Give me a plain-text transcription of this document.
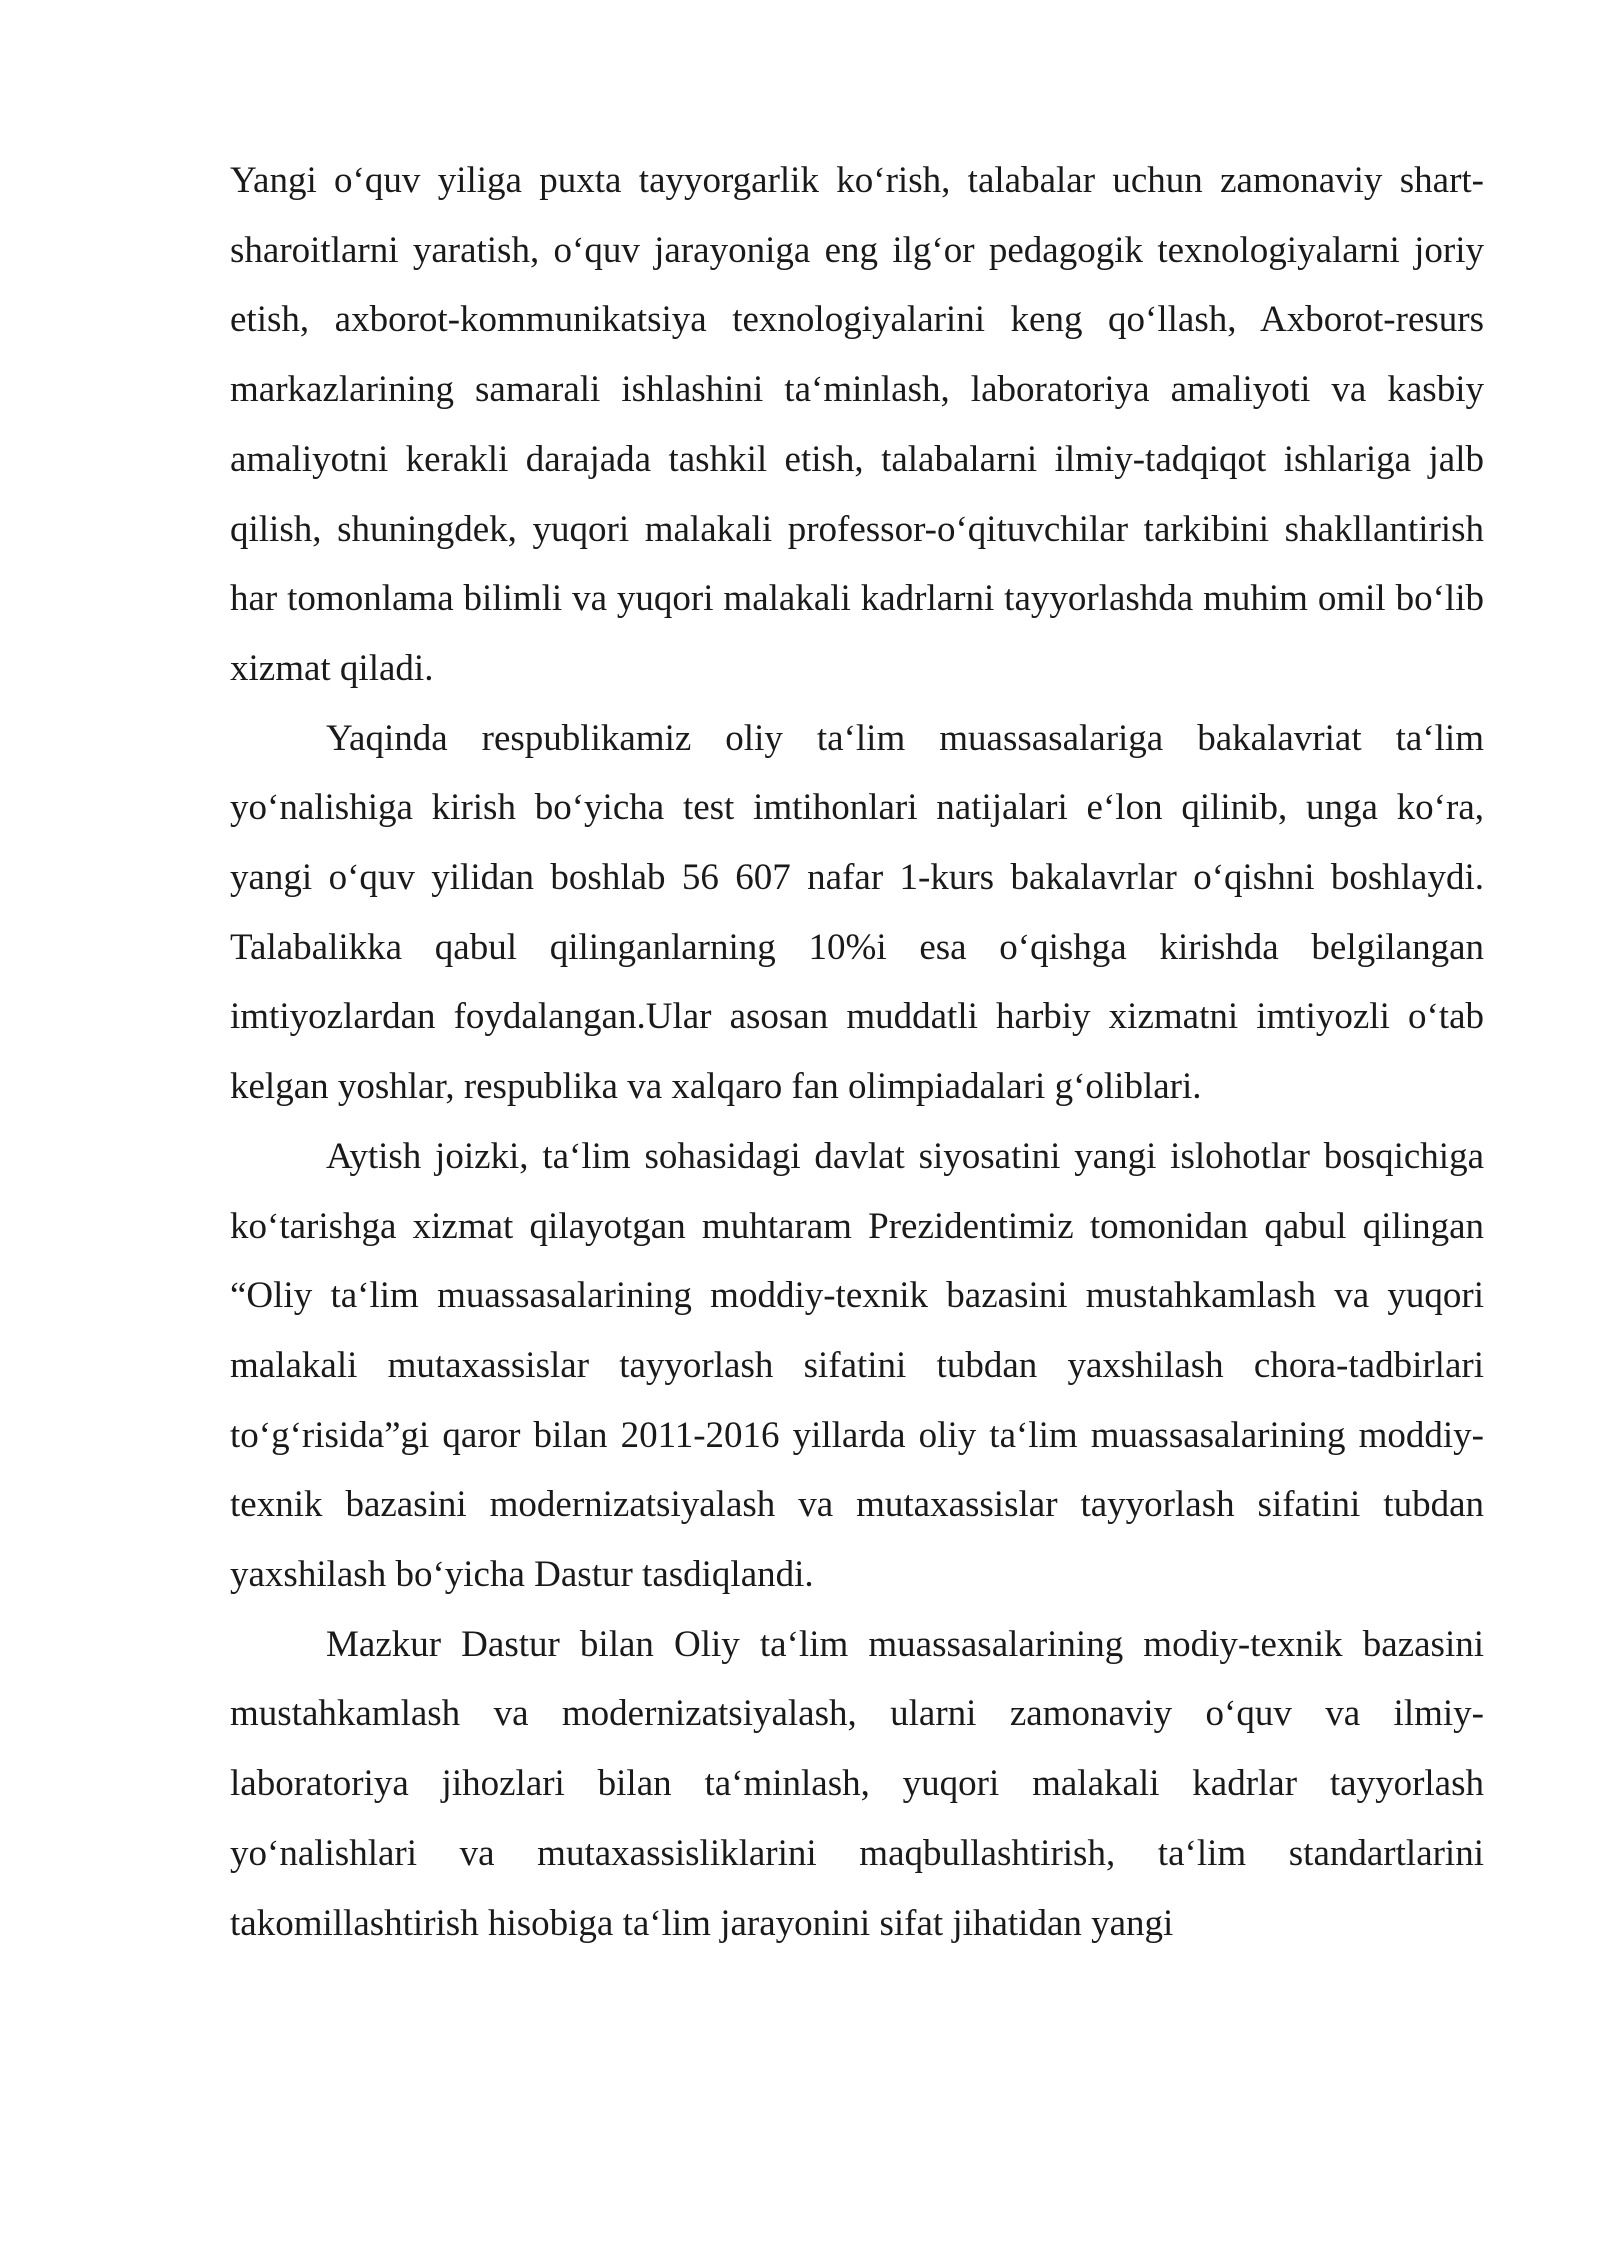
Yangi o‘quv yiliga puxta tayyorgarlik ko‘rish, talabalar uchun zamonaviy shart-sharoitlarni yaratish, o‘quv jarayoniga eng ilg‘or pedagogik texnologiyalarni joriy etish, axborot-kommunikatsiya texnologiyalarini keng qo‘llash, Axborot-resurs markazlarining samarali ishlashini ta‘minlash, laboratoriya amaliyoti va kasbiy amaliyotni kerakli darajada tashkil etish, talabalarni ilmiy-tadqiqot ishlariga jalb qilish, shuningdek, yuqori malakali professor-o‘qituvchilar tarkibini shakllantirish har tomonlama bilimli va yuqori malakali kadrlarni tayyorlashda muhim omil bo‘lib xizmat qiladi.

Yaqinda respublikamiz oliy ta‘lim muassasalariga bakalavriat ta‘lim yo‘nalishiga kirish bo‘yicha test imtihonlari natijalari e‘lon qilinib, unga ko‘ra, yangi o‘quv yilidan boshlab 56 607 nafar 1-kurs bakalavrlar o‘qishni boshlaydi. Talabalikka qabul qilinganlarning 10%i esa o‘qishga kirishda belgilangan imtiyozlardan foydalangan.Ular asosan muddatli harbiy xizmatni imtiyozli o‘tab kelgan yoshlar, respublika va xalqaro fan olimpiadalari g‘oliblari.

Aytish joizki, ta‘lim sohasidagi davlat siyosatini yangi islohotlar bosqichiga ko‘tarishga xizmat qilayotgan muhtaram Prezidentimiz tomonidan qabul qilingan “Oliy ta‘lim muassasalarining moddiy-texnik bazasini mustahkamlash va yuqori malakali mutaxassislar tayyorlash sifatini tubdan yaxshilash chora-tadbirlari to‘g‘risida”gi qaror bilan 2011-2016 yillarda oliy ta‘lim muassasalarining moddiy-texnik bazasini modernizatsiyalash va mutaxassislar tayyorlash sifatini tubdan yaxshilash bo‘yicha Dastur tasdiqlandi.

Mazkur Dastur bilan Oliy ta‘lim muassasalarining modiy-texnik bazasini mustahkamlash va modernizatsiyalash, ularni zamonaviy o‘quv va ilmiy-laboratoriya jihozlari bilan ta‘minlash, yuqori malakali kadrlar tayyorlash yo‘nalishlari va mutaxassisliklarini maqbullashtirish, ta‘lim standartlarini takomillashtirish hisobiga ta‘lim jarayonini sifat jihatidan yangi
